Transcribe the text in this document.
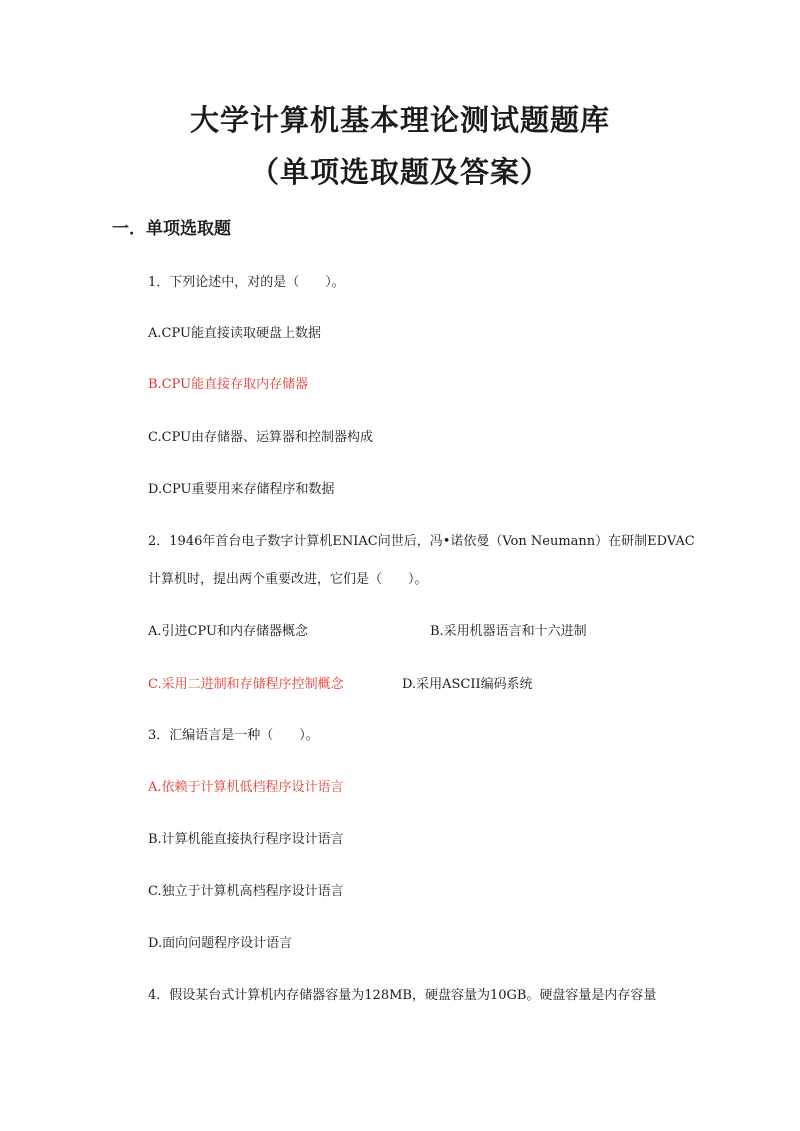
大学计算机基本理论测试题题库
（单项选取题及答案）
一．单项选取题
1．下列论述中，对的是（　　）。
A.CPU能直接读取硬盘上数据
B.CPU能直接存取内存储器
C.CPU由存储器、运算器和控制器构成
D.CPU重要用来存储程序和数据
2．1946年首台电子数字计算机ENIAC问世后，冯•诺依曼（Von Neumann）在研制EDVAC
计算机时，提出两个重要改进，它们是（　　）。
A.引进CPU和内存储器概念	B.采用机器语言和十六进制
C.采用二进制和存储程序控制概念	D.采用ASCII编码系统
3．汇编语言是一种（　　）。
A.依赖于计算机低档程序设计语言
B.计算机能直接执行程序设计语言
C.独立于计算机高档程序设计语言
D.面向问题程序设计语言
4．假设某台式计算机内存储器容量为128MB，硬盘容量为10GB。硬盘容量是内存容量
